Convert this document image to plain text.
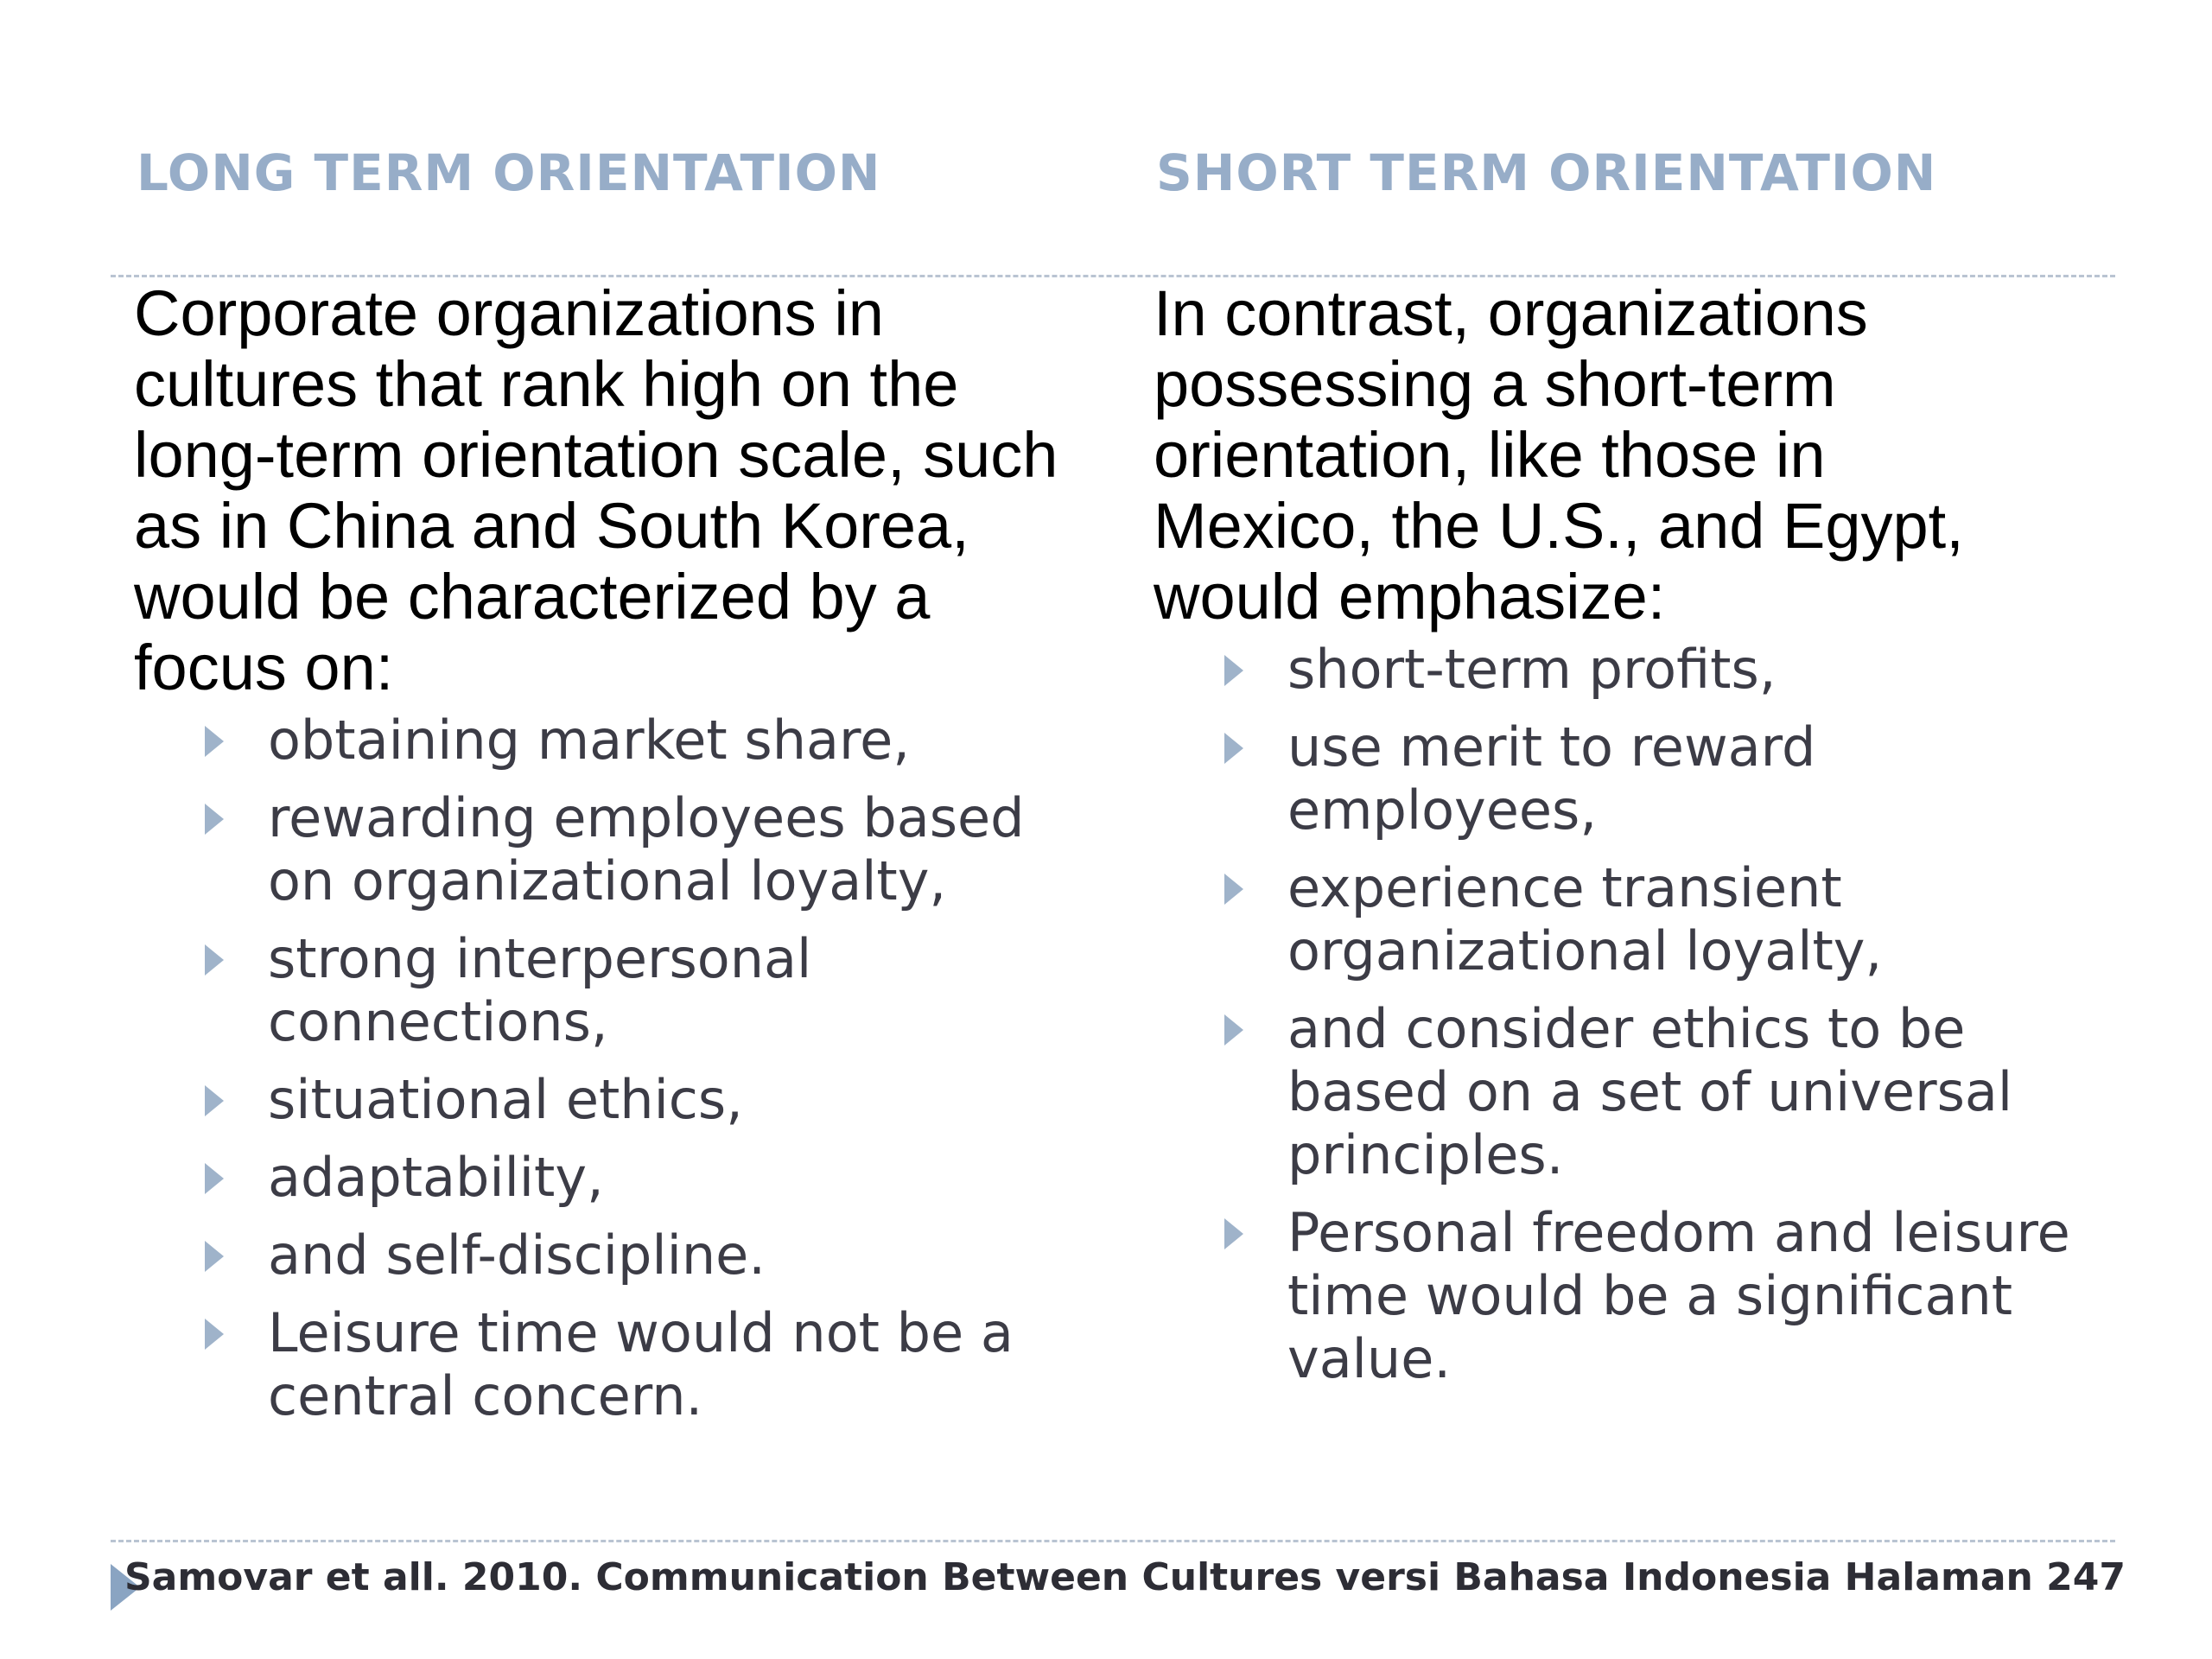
LONG TERM ORIENTATION	SHORT TERM ORIENTATION

Corporate organizations in cultures that rank high on the long-term orientation scale, such as in China and South Korea, would be characterized by a focus on:

obtaining market share,
rewarding employees based on organizational loyalty,
strong interpersonal connections,
situational ethics,
adaptability,
and self-discipline.
Leisure time would not be a central concern.

In contrast, organizations possessing a short-term orientation, like those in Mexico, the U.S., and Egypt, would emphasize:

short-term profits,
use merit to reward employees,
experience transient organizational loyalty,
and consider ethics to be based on a set of universal principles.
Personal freedom and leisure time would be a significant value.
Samovar et all. 2010. Communication Between Cultures versi Bahasa Indonesia Halaman 247
